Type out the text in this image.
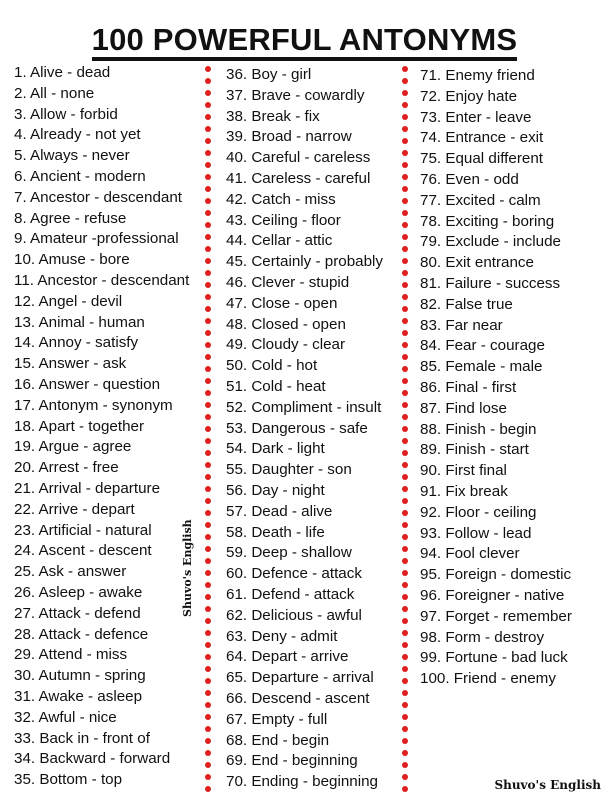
100 POWERFUL ANTONYMS
1. Alive - dead
2. All - none
3. Allow - forbid
4. Already - not yet
5. Always - never
6. Ancient - modern
7. Ancestor - descendant
8. Agree - refuse
9. Amateur -professional
10. Amuse - bore
11. Ancestor - descendant
12. Angel - devil
13. Animal - human
14. Annoy - satisfy
15. Answer - ask
16. Answer - question
17. Antonym - synonym
18. Apart - together
19. Argue - agree
20. Arrest - free
21. Arrival - departure
22. Arrive - depart
23. Artificial - natural
24. Ascent - descent
25. Ask - answer
26. Asleep - awake
27. Attack - defend
28. Attack - defence
29. Attend - miss
30. Autumn - spring
31. Awake - asleep
32. Awful - nice
33. Back in - front of
34. Backward - forward
35. Bottom - top
36. Boy - girl
37. Brave - cowardly
38. Break - fix
39. Broad - narrow
40. Careful - careless
41. Careless - careful
42. Catch - miss
43. Ceiling - floor
44. Cellar - attic
45. Certainly - probably
46. Clever - stupid
47. Close - open
48. Closed - open
49. Cloudy - clear
50. Cold - hot
51. Cold - heat
52. Compliment - insult
53. Dangerous - safe
54. Dark - light
55. Daughter - son
56. Day - night
57. Dead - alive
58. Death - life
59. Deep - shallow
60. Defence - attack
61. Defend - attack
62. Delicious - awful
63. Deny - admit
64. Depart - arrive
65. Departure - arrival
66. Descend - ascent
67. Empty - full
68. End - begin
69. End - beginning
70. Ending - beginning
71. Enemy friend
72. Enjoy hate
73. Enter - leave
74. Entrance - exit
75. Equal different
76. Even - odd
77. Excited - calm
78. Exciting - boring
79. Exclude - include
80. Exit entrance
81. Failure - success
82. False true
83. Far near
84. Fear - courage
85. Female - male
86. Final - first
87. Find lose
88. Finish - begin
89. Finish - start
90. First final
91. Fix break
92. Floor - ceiling
93. Follow - lead
94. Fool clever
95. Foreign - domestic
96. Foreigner - native
97. Forget - remember
98. Form - destroy
99. Fortune - bad luck
100. Friend - enemy
Shuvo's English
Shuvo's English
